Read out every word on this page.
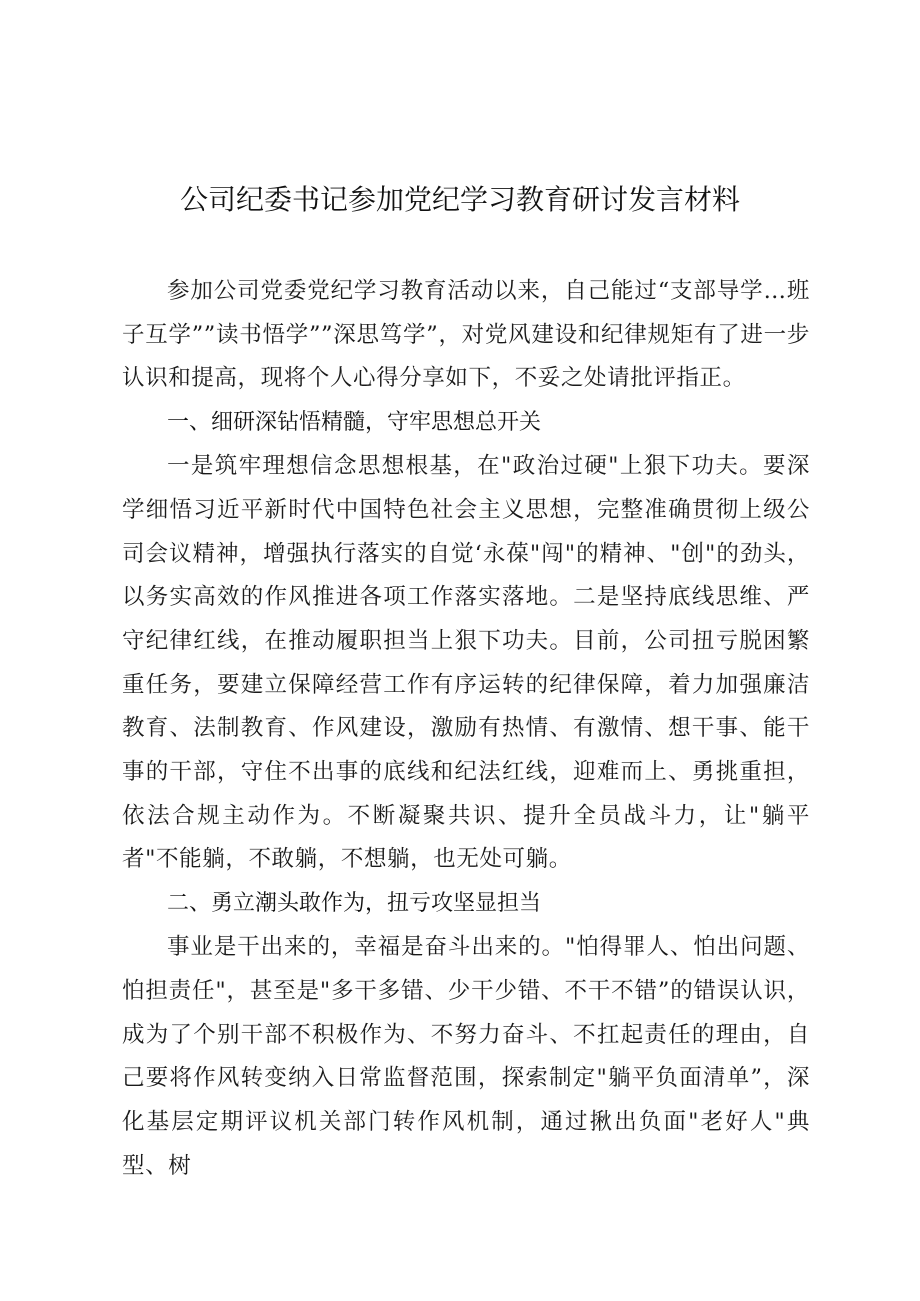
公司纪委书记参加党纪学习教育研讨发言材料

参加公司党委党纪学习教育活动以来，自己能过“支部导学…班子互学””读书悟学””深思笃学”，对党风建设和纪律规矩有了进一步认识和提高，现将个人心得分享如下，不妥之处请批评指正。

一、细研深钻悟精髓，守牢思想总开关

一是筑牢理想信念思想根基，在"政治过硬"上狠下功夫。要深学细悟习近平新时代中国特色社会主义思想，完整准确贯彻上级公司会议精神，增强执行落实的自觉‘永葆"闯"的精神、"创"的劲头，以务实高效的作风推进各项工作落实落地。二是坚持底线思维、严守纪律红线，在推动履职担当上狠下功夫。目前，公司扭亏脱困繁重任务，要建立保障经营工作有序运转的纪律保障，着力加强廉洁教育、法制教育、作风建设，激励有热情、有激情、想干事、能干事的干部，守住不出事的底线和纪法红线，迎难而上、勇挑重担，依法合规主动作为。不断凝聚共识、提升全员战斗力，让"躺平者"不能躺，不敢躺，不想躺，也无处可躺。

二、勇立潮头敢作为，扭亏攻坚显担当

事业是干出来的，幸福是奋斗出来的。"怕得罪人、怕出问题、怕担责任"，甚至是"多干多错、少干少错、不干不错”的错误认识，成为了个别干部不积极作为、不努力奋斗、不扛起责任的理由，自己要将作风转变纳入日常监督范围，探索制定"躺平负面清单”，深化基层定期评议机关部门转作风机制，通过揪出负面"老好人"典型、树
